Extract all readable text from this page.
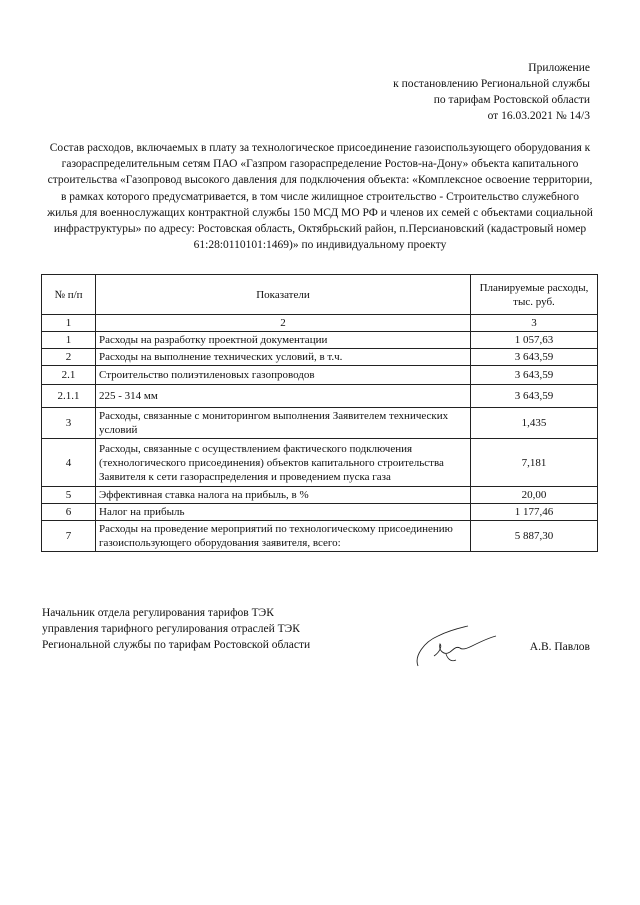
Приложение
к постановлению Региональной службы
по тарифам Ростовской области
от 16.03.2021 № 14/3
Состав расходов, включаемых в плату за технологическое присоединение газоиспользующего оборудования к
газораспределительным сетям ПАО «Газпром газораспределение Ростов-на-Дону» объекта капитального
строительства «Газопровод высокого давления для подключения объекта: «Комплексное освоение территории,
в рамках которого предусматривается, в том числе жилищное строительство - Строительство служебного
жилья для военнослужащих контрактной службы 150 МСД МО РФ и членов их семей с объектами социальной
инфраструктуры» по адресу: Ростовская область, Октябрьский район, п.Персиановский (кадастровый номер
61:28:0110101:1469)» по индивидуальному проекту
№ п/п	Показатели	Планируемые расходы, тыс. руб.
1	2	3
1	Расходы на разработку проектной документации	1 057,63
2	Расходы на выполнение технических условий, в т.ч.	3 643,59
2.1	Строительство полиэтиленовых газопроводов	3 643,59
2.1.1	225 - 314 мм	3 643,59
3	Расходы, связанные с мониторингом выполнения Заявителем технических условий	1,435
4	Расходы, связанные с осуществлением фактического подключения (технологического присоединения) объектов капитального строительства Заявителя к сети газораспределения и проведением пуска газа	7,181
5	Эффективная ставка налога на прибыль, в %	20,00
6	Налог на прибыль	1 177,46
7	Расходы на проведение мероприятий по технологическому присоединению газоиспользующего оборудования заявителя, всего:	5 887,30
Начальник отдела регулирования тарифов ТЭК
управления тарифного регулирования отраслей ТЭК
Региональной службы по тарифам Ростовской области	А.В. Павлов
